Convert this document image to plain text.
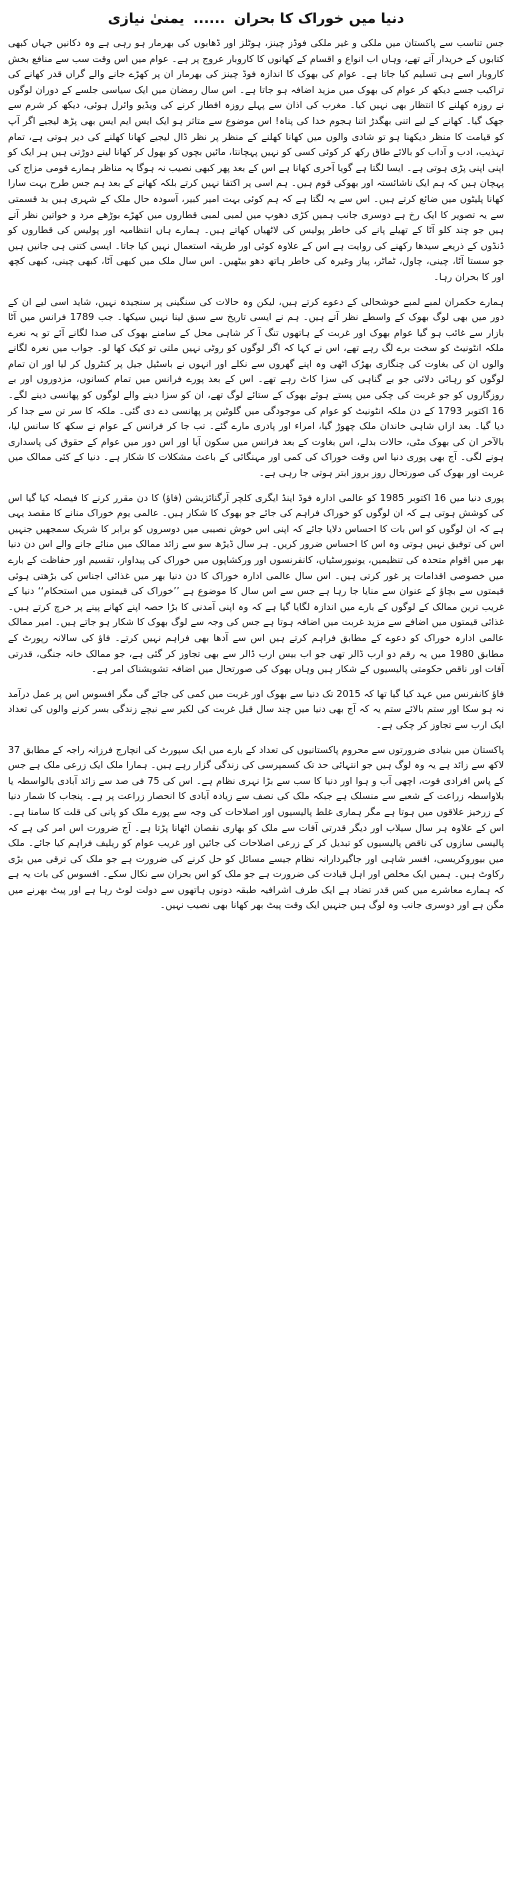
دنیا میں خوراک کا بحران ...... یمنیٰ نیازی

جس تناسب سے پاکستان میں ملکی و غیر ملکی فوڈز چینز، ہوٹلز اور ڈھابوں کی بھرمار ہو رہی ہے وہ دکانیں جہاں کبھی کتابوں کے خریدار آتے تھے، وہاں اب انواع و اقسام کے کھانوں کا کاروبار عروج پر ہے۔ عوام میں اس وقت سب سے منافع بخش کاروبار اسے ہی تسلیم کیا جاتا ہے۔ عوام کی بھوک کا اندازہ فوڈ چینز کی بھرمار ان پر کھڑے جانے والے گراں قدر کھانے کی تراکیب جسے دیکھ کر عوام کی بھوک میں مزید اضافہ ہو جاتا ہے۔ اس سال رمضان میں ایک سیاسی جلسے کے دوران لوگوں نے روزہ کھلنے کا انتظار بھی نہیں کیا۔ مغرب کی اذان سے پہلے روزہ افطار کرنے کی ویڈیو وائرل ہوئی، دیکھ کر شرم سے جھک گیا۔ کھانے کے لیے اتنی بھگدڑ اتنا ہجوم خدا کی پناہ! اس موضوع سے متاثر ہو ایک ایس ایم ایس بھی پڑھ لیجیے اگر آپ کو قیامت کا منظر دیکھنا ہو تو شادی والوں میں کھانا کھلنے کے منظر پر نظر ڈال لیجیے کھانا کھلنے کی دیر ہوتی ہے، تمام تہذیب، ادب و آداب کو بالائے طاق رکھ کر کوئی کسی کو نہیں پہچانتا، مائیں بچوں کو بھول کر کھانا لینے دوڑتی ہیں ہر ایک کو اپنی اپنی پڑی ہوتی ہے۔ ایسا لگتا ہے گویا آخری کھانا ہے اس کے بعد پھر کبھی نصیب نہ ہوگا یہ مناظر ہمارے قومی مزاج کی پہچان ہیں کہ ہم ایک ناشائستہ اور بھوکی قوم ہیں۔ ہم اسی پر اکتفا نہیں کرتے بلکہ کھانے کے بعد ہم جس طرح بہت سارا کھانا پلیٹوں میں ضائع کرتے ہیں۔ اس سے یہ لگتا ہے کہ ہم کوئی بہت امیر کبیر، آسودہ حال ملک کے شہری ہیں بد قسمتی سے یہ تصویر کا ایک رخ ہے دوسری جانب ہمیں کڑی دھوپ میں لمبی لمبی قطاروں میں کھڑے بوڑھے مرد و خواتین نظر آتے ہیں جو چند کلو آٹا کے تھیلے پانے کی خاطر پولیس کی لاٹھیاں کھاتے ہیں۔ ہمارے ہاں انتظامیہ اور پولیس کی قطاروں کو ڈنڈوں کے ذریعے سیدھا رکھنے کی روایت ہے اس کے علاوہ کوئی اور طریقہ استعمال نہیں کیا جاتا۔ ایسی کتنی ہی جانیں ہیں جو سستا آٹا، چینی، چاول، ٹماٹر، پیاز وغیرہ کی خاطر ہاتھ دھو بیٹھیں۔ اس سال ملک میں کبھی آٹا، کبھی چینی، کبھی کچھ اور کا بحران رہا۔

ہمارے حکمران لمبے لمبے خوشحالی کے دعوے کرتے ہیں، لیکن وہ حالات کی سنگینی پر سنجیدہ نہیں، شاید اسی لیے ان کے دور میں بھی لوگ بھوک کے واسطے نظر آتے ہیں۔ ہم نے ایسی تاریخ سے سبق لینا نہیں سیکھا۔ جب 1789 فرانس میں آٹا بازار سے غائب ہو گیا عوام بھوک اور غربت کے ہاتھوں تنگ آ کر شاہی محل کے سامنے بھوک کی صدا لگانے آئے تو یہ نعرے ملکہ انٹونیٹ کو سخت برے لگ رہے تھے، اس نے کہا کہ اگر لوگوں کو روٹی نہیں ملتی تو کیک کھا لو۔ جواب میں نعرہ لگانے والوں ان کی بغاوت کی چنگاری بھڑک اٹھی وہ اپنے گھروں سے نکلے اور انہوں نے باسٹیل جیل پر کنٹرول کر لیا اور ان تمام لوگوں کو رہائی دلائی جو بے گناہی کی سزا کاٹ رہے تھے۔ اس کے بعد پورے فرانس میں تمام کسانوں، مزدوروں اور بے روزگاروں کو جو غربت کی چکی میں پستے ہوئے بھوک کے ستائے لوگ تھے، ان کو سزا دینے والے لوگوں کو پھانسی دینے لگے۔ 16 اکتوبر 1793 کے دن ملکہ انٹونیٹ کو عوام کی موجودگی میں گلوٹین پر پھانسی دے دی گئی۔ ملکہ کا سر تن سے جدا کر دیا گیا۔ بعد ازاں شاہی خاندان ملک چھوڑ گیا، امراء اور پادری مارے گئے۔ تب جا کر فرانس کے عوام نے سکھ کا سانس لیا، بالآخر ان کی بھوک مٹی، حالات بدلے، اس بغاوت کے بعد فرانس میں سکون آیا اور اس دور میں عوام کے حقوق کی پاسداری ہونے لگی۔ آج بھی پوری دنیا اس وقت خوراک کی کمی اور مہنگائی کے باعث مشکلات کا شکار ہے۔ دنیا کے کئی ممالک میں غربت اور بھوک کی صورتحال روز بروز ابتر ہوتی جا رہی ہے۔

پوری دنیا میں 16 اکتوبر 1985 کو عالمی ادارہ فوڈ اینڈ ایگری کلچر آرگنائزیشن (فاؤ) کا دن مقرر کرنے کا فیصلہ کیا گیا اس کی کوشش ہوتی ہے کہ ان لوگوں کو خوراک فراہم کی جائے جو بھوک کا شکار ہیں۔ عالمی یوم خوراک منانے کا مقصد یہی ہے کہ ان لوگوں کو اس بات کا احساس دلایا جائے کہ اپنی اس خوش نصیبی میں دوسروں کو برابر کا شریک سمجھیں جنہیں اس کی توفیق نہیں ہوتی وہ اس کا احساس ضرور کریں۔ ہر سال ڈیڑھ سو سے زائد ممالک میں منائے جانے والے اس دن دنیا بھر میں اقوام متحدہ کی تنظیمیں، یونیورسٹیاں، کانفرنسوں اور ورکشاپوں میں خوراک کی پیداوار، تقسیم اور حفاظت کے بارے میں خصوصی اقدامات پر غور کرتی ہیں۔ اس سال عالمی ادارہ خوراک کا دن دنیا بھر میں غذائی اجناس کی بڑھتی ہوئی قیمتوں سے بچاؤ کے عنوان سے منایا جا رہا ہے جس سے اس سال کا موضوع ہے ’’خوراک کی قیمتوں میں استحکام‘‘ دنیا کے غریب ترین ممالک کے لوگوں کے بارے میں اندازہ لگایا گیا ہے کہ وہ اپنی آمدنی کا بڑا حصہ اپنے کھانے پینے پر خرچ کرتے ہیں۔ غذائی قیمتوں میں اضافے سے مزید غربت میں اضافہ ہوتا ہے جس کی وجہ سے لوگ بھوک کا شکار ہو جاتے ہیں۔ امیر ممالک عالمی ادارہ خوراک کو دعوے کے مطابق فراہم کرتے ہیں اس سے آدھا بھی فراہم نہیں کرتے۔ فاؤ کی سالانہ رپورٹ کے مطابق 1980 میں یہ رقم دو ارب ڈالر تھی جو اب بیس ارب ڈالر سے بھی تجاوز کر گئی ہے، جو ممالک خانہ جنگی، قدرتی آفات اور ناقص حکومتی پالیسیوں کے شکار ہیں وہاں بھوک کی صورتحال میں اضافہ تشویشناک امر ہے۔

فاؤ کانفرنس میں عہد کیا گیا تھا کہ 2015 تک دنیا سے بھوک اور غربت میں کمی کی جائے گی مگر افسوس اس پر عمل درآمد نہ ہو سکا اور ستم بالائے ستم یہ کہ آج بھی دنیا میں چند سال قبل غربت کی لکیر سے نیچے زندگی بسر کرنے والوں کی تعداد ایک ارب سے تجاوز کر چکی ہے۔

پاکستان میں بنیادی ضرورتوں سے محروم پاکستانیوں کی تعداد کے بارے میں ایک سپورٹ کی انچارج فرزانہ راجہ کے مطابق 37 لاکھ سے زائد ہے یہ وہ لوگ ہیں جو انتہائی حد تک کسمپرسی کی زندگی گزار رہے ہیں۔ ہمارا ملک ایک زرعی ملک ہے جس کے پاس افرادی قوت، اچھی آب و ہوا اور دنیا کا سب سے بڑا نہری نظام ہے۔ اس کی 75 فی صد سے زائد آبادی بالواسطہ یا بلاواسطہ زراعت کے شعبے سے منسلک ہے جبکہ ملک کی نصف سے زیادہ آبادی کا انحصار زراعت پر ہے۔ پنجاب کا شمار دنیا کے زرخیز علاقوں میں ہوتا ہے مگر ہماری غلط پالیسیوں اور اصلاحات کی وجہ سے پورے ملک کو پانی کی قلت کا سامنا ہے۔ اس کے علاوہ ہر سال سیلاب اور دیگر قدرتی آفات سے ملک کو بھاری نقصان اٹھانا پڑتا ہے۔ آج ضرورت اس امر کی ہے کہ پالیسی سازوں کی ناقص پالیسیوں کو تبدیل کر کے زرعی اصلاحات کی جائیں اور غریب عوام کو ریلیف فراہم کیا جائے۔ ملک میں بیوروکریسی، افسر شاہی اور جاگیردارانہ نظام جیسے مسائل کو حل کرنے کی ضرورت ہے جو ملک کی ترقی میں بڑی رکاوٹ ہیں۔ ہمیں ایک مخلص اور اہل قیادت کی ضرورت ہے جو ملک کو اس بحران سے نکال سکے۔ افسوس کی بات یہ ہے کہ ہمارے معاشرے میں کس قدر تضاد ہے ایک طرف اشرافیہ طبقہ دونوں ہاتھوں سے دولت لوٹ رہا ہے اور پیٹ بھرنے میں مگن ہے اور دوسری جانب وہ لوگ ہیں جنہیں ایک وقت پیٹ بھر کھانا بھی نصیب نہیں۔
